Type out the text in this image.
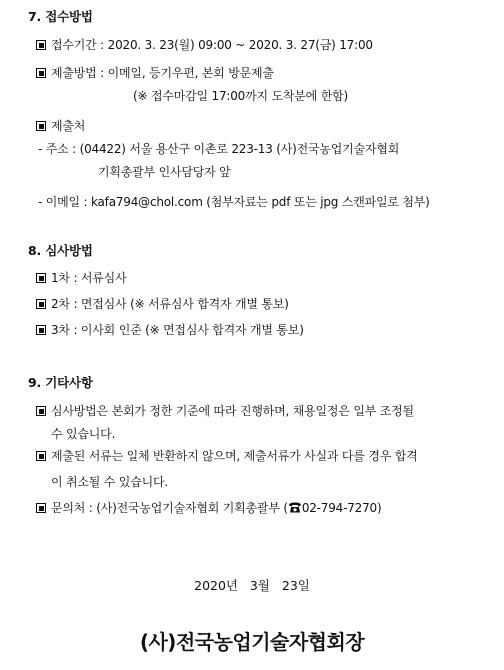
7. 접수방법
접수기간 : 2020. 3. 23(월) 09:00 ~ 2020. 3. 27(금) 17:00
제출방법 : 이메일, 등기우편, 본회 방문제출
(※ 접수마감일 17:00까지 도착분에 한함)
제출처
- 주소 : (04422) 서울 용산구 이촌로 223-13 (사)전국농업기술자협회
기획총괄부 인사담당자 앞
- 이메일 : kafa794@chol.com (첨부자료는 pdf 또는 jpg 스캔파일로 첨부)
8. 심사방법
1차 : 서류심사
2차 : 면접심사 (※ 서류심사 합격자 개별 통보)
3차 : 이사회 인준 (※ 면접심사 합격자 개별 통보)
9. 기타사항
심사방법은 본회가 정한 기준에 따라 진행하며, 채용일정은 일부 조정될
수 있습니다.
제출된 서류는 일체 반환하지 않으며, 제출서류가 사실과 다를 경우 합격
이 취소될 수 있습니다.
문의처 : (사)전국농업기술자협회 기획총괄부 ( 02-794-7270)
2020년   3월   23일
(사)전국농업기술자협회장
